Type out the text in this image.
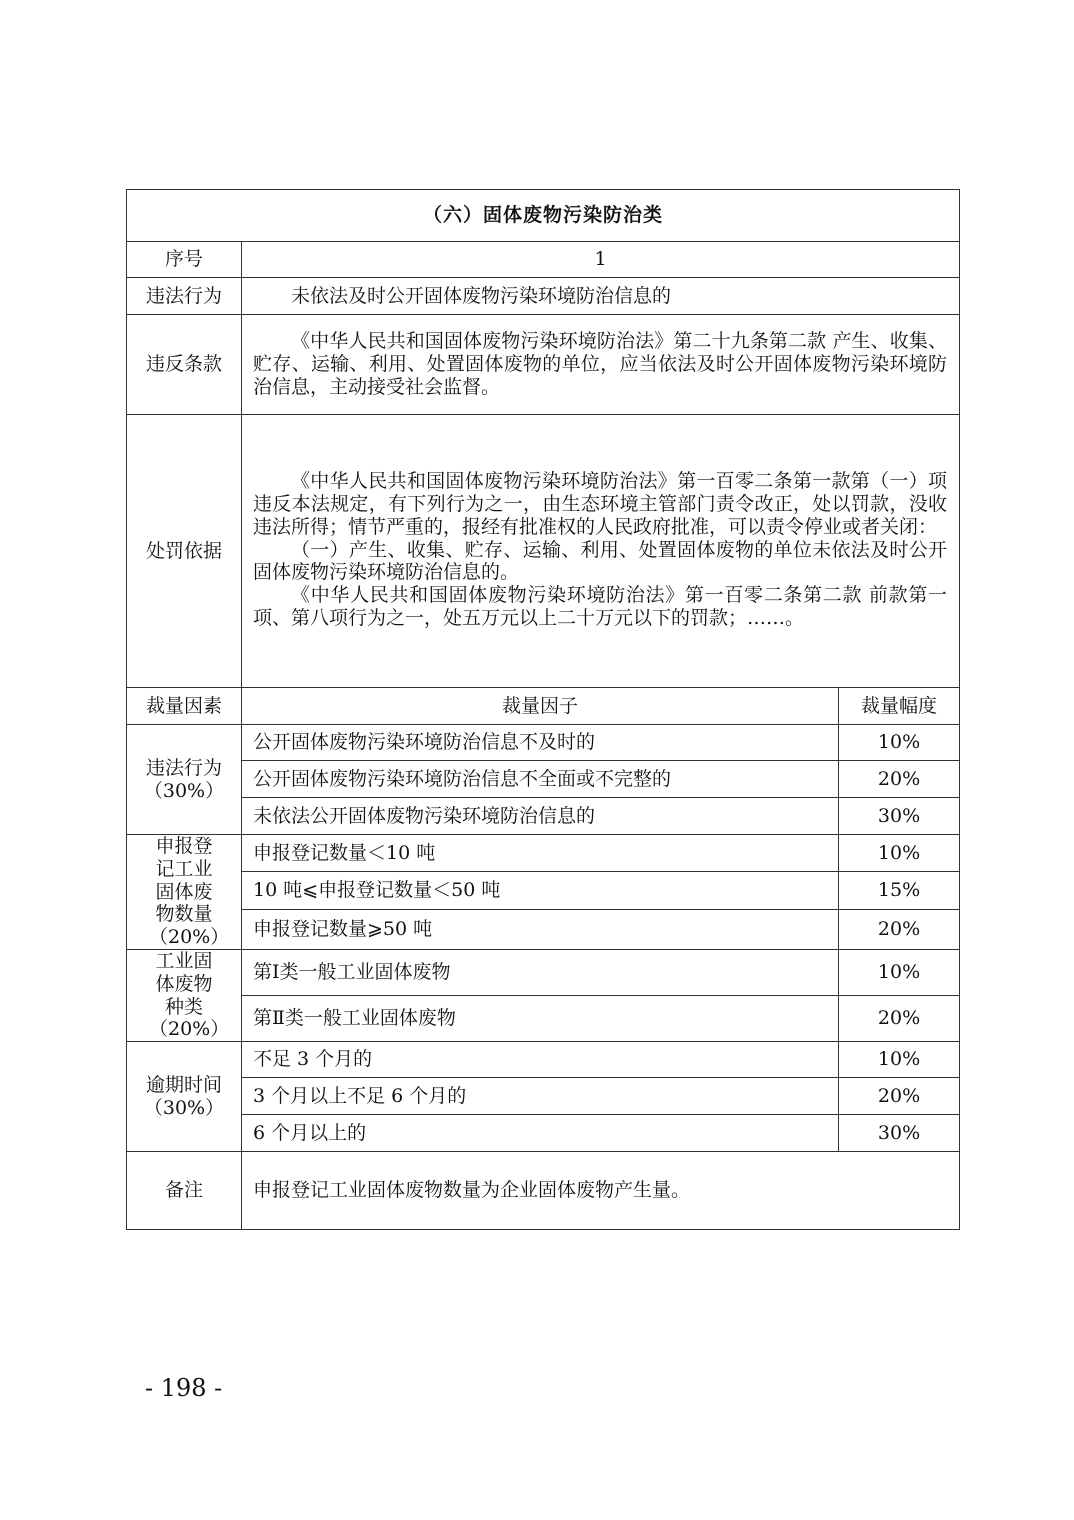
（六）固体废物污染防治类		
序号	1	
违法行为	未依法及时公开固体废物污染环境防治信息的	

违反条款	《中华人民共和国固体废物污染环境防治法》第二十九条第二款 产生、收集、贮存、运输、利用、处置固体废物的单位，应当依法及时公开固体废物污染环境防治信息，主动接受社会监督。	

处罚依据	《中华人民共和国固体废物污染环境防治法》第一百零二条第一款第（一）项 违反本法规定，有下列行为之一，由生态环境主管部门责令改正，处以罚款，没收违法所得；情节严重的，报经有批准权的人民政府批准，可以责令停业或者关闭：
（一）产生、收集、贮存、运输、利用、处置固体废物的单位未依法及时公开固体废物污染环境防治信息的。
《中华人民共和国固体废物污染环境防治法》第一百零二条第二款 前款第一项、第八项行为之一，处五万元以上二十万元以下的罚款；……。	

裁量因素	裁量因子	裁量幅度
违法行为（30%）	公开固体废物污染环境防治信息不及时的	10%
	公开固体废物污染环境防治信息不全面或不完整的	20%
	未依法公开固体废物污染环境防治信息的	30%
申报登记工业固体废物数量（20%）	申报登记数量＜10 吨	10%
	10 吨⩽申报登记数量＜50 吨	15%
	申报登记数量⩾50 吨	20%
工业固体废物种类（20%）	第Ⅰ类一般工业固体废物	10%
	第Ⅱ类一般工业固体废物	20%
逾期时间（30%）	不足 3 个月的	10%
	3 个月以上不足 6 个月的	20%
	6 个月以上的	30%
备注	申报登记工业固体废物数量为企业固体废物产生量。	
- 198 -
